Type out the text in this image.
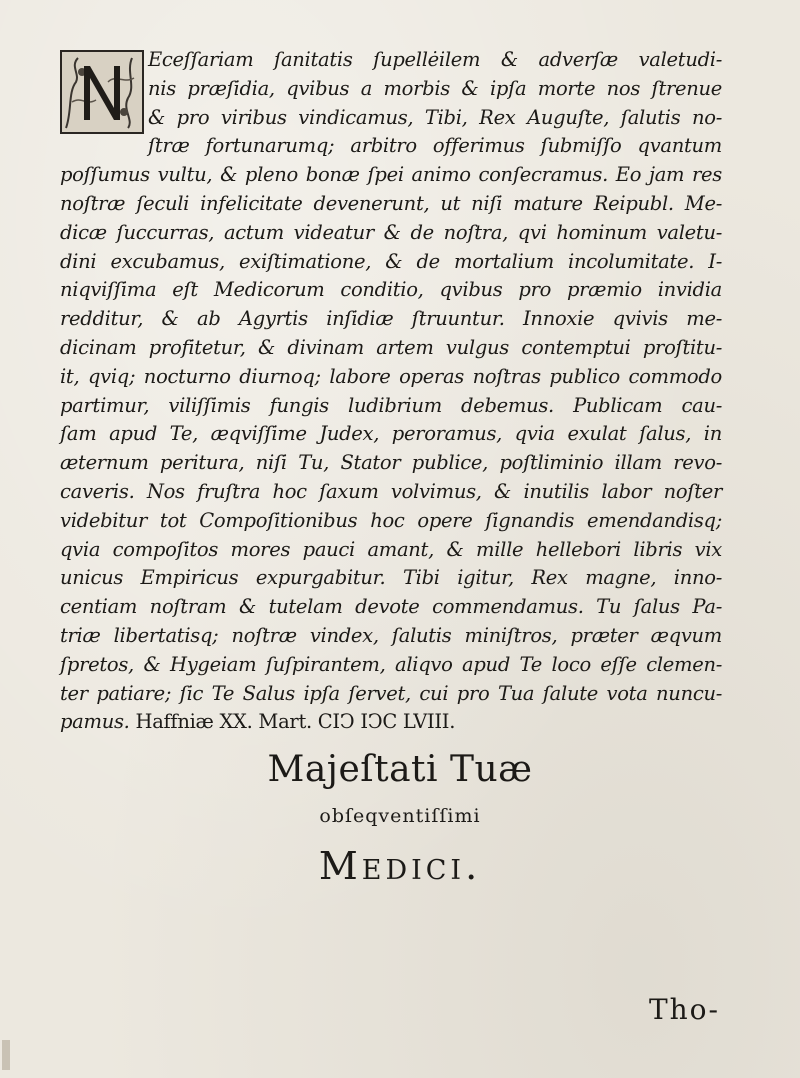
Eceſſariam ſanitatis ſupellėilem & adverſæ valetudi-
nis præſidia, qvibus a morbis & ipſa morte nos ſtrenue
& pro viribus vindicamus, Tibi, Rex Auguſte, ſalutis no-
ſtræ fortunarumq; arbitro offerimus ſubmiſſo qvantum
poſſumus vultu, & pleno bonæ ſpei animo conſecramus. Eo jam res
noſtræ ſeculi infelicitate devenerunt, ut niſi mature Reipubl. Me-
dicæ ſuccurras, actum videatur & de noſtra, qvi hominum valetu-
dini excubamus, exiſtimatione, & de mortalium incolumitate. I-
niqviſſima eſt Medicorum conditio, qvibus pro præmio invidia
redditur, & ab Agyrtis inſidiæ ſtruuntur. Innoxie qvivis me-
dicinam profitetur, & divinam artem vulgus contemptui proſtitu-
it, qviq; nocturno diurnoq; labore operas noſtras publico commodo
partimur, viliſſimis fungis ludibrium debemus. Publicam cau-
ſam apud Te, æqviſſime Judex, peroramus, qvia exulat ſalus, in
æternum peritura, niſi Tu, Stator publice, poſtliminio illam revo-
caveris. Nos fruſtra hoc ſaxum volvimus, & inutilis labor noſter
videbitur tot Compoſitionibus hoc opere ſignandis emendandisq;
qvia compoſitos mores pauci amant, & mille hellebori libris vix
unicus Empiricus expurgabitur. Tibi igitur, Rex magne, inno-
centiam noſtram & tutelam devote commendamus. Tu ſalus Pa-
triæ libertatisq; noſtræ vindex, ſalutis miniſtros, præter æqvum
ſpretos, & Hygeiam ſuſpirantem, aliqvo apud Te loco eſſe clemen-
ter patiare; ſic Te Salus ipſa ſervet, cui pro Tua ſalute vota nuncu-
pamus. Haffniæ XX. Mart. CIↃ IↃC LVIII.
Majeſtati Tuæ
obſeqventiſſimi
Medici.
Tho-
